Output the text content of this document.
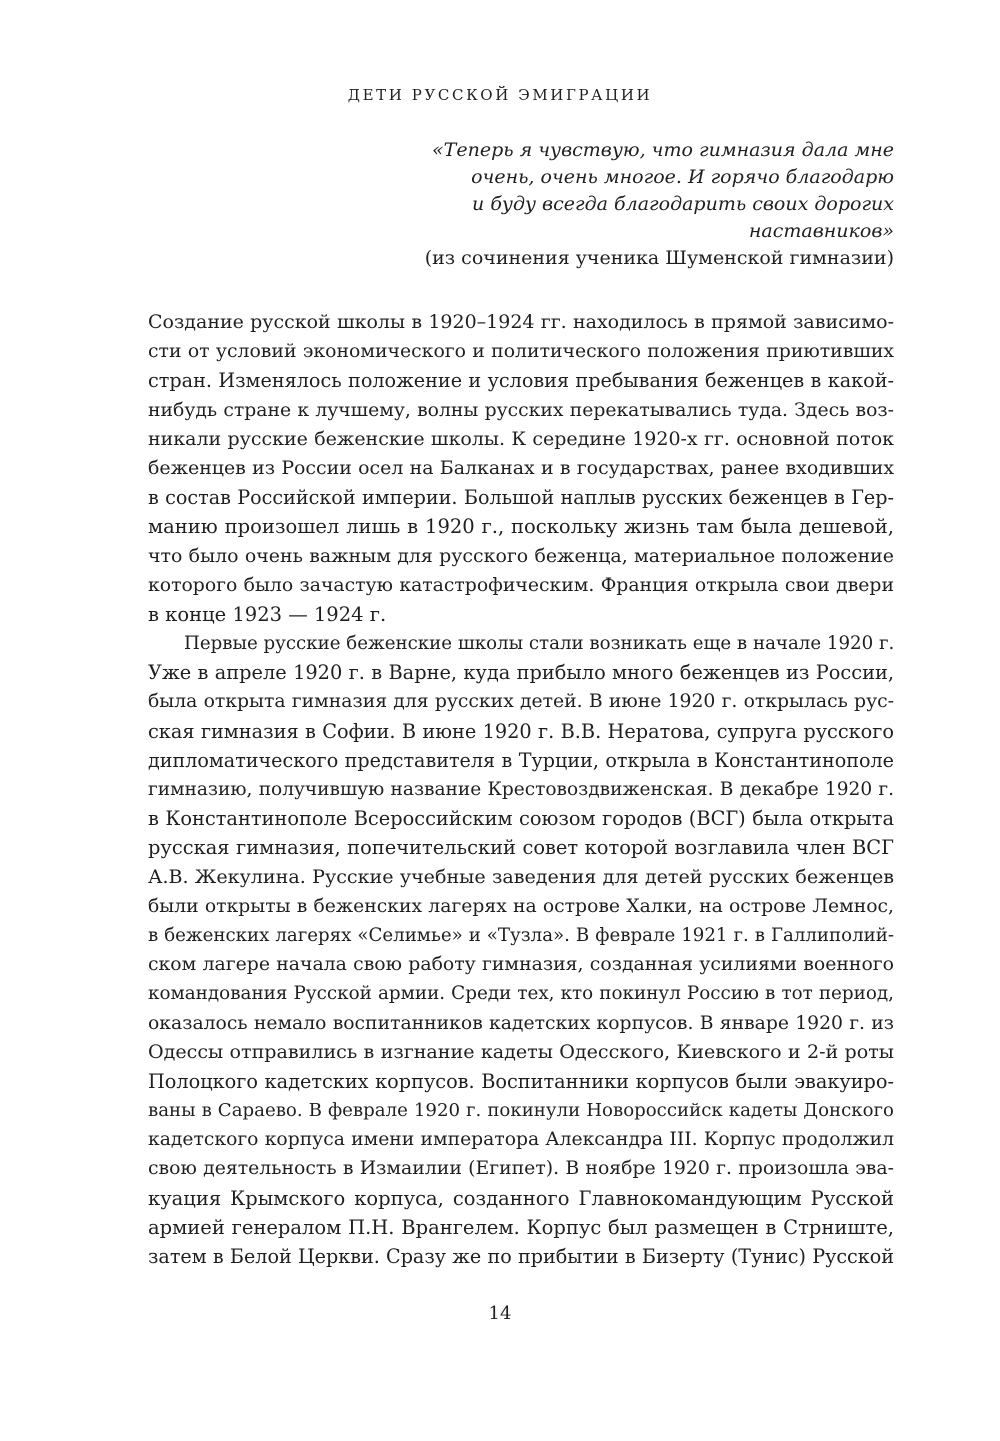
ДЕТИ РУССКОЙ ЭМИГРАЦИИ
«Теперь я чувствую, что гимназия дала мне
очень, очень многое. И горячо благодарю
и буду всегда благодарить своих дорогих
наставников»
(из сочинения ученика Шуменской гимназии)
Создание русской школы в 1920–1924 гг. находилось в прямой зависимо-
сти от условий экономического и политического положения приютивших
стран. Изменялось положение и условия пребывания беженцев в какой-
нибудь стране к лучшему, волны русских перекатывались туда. Здесь воз-
никали русские беженские школы. К середине 1920-х гг. основной поток
беженцев из России осел на Балканах и в государствах, ранее входивших
в состав Российской империи. Большой наплыв русских беженцев в Гер-
манию произошел лишь в 1920 г., поскольку жизнь там была дешевой,
что было очень важным для русского беженца, материальное положение
которого было зачастую катастрофическим. Франция открыла свои двери
в конце 1923 — 1924 г.
Первые русские беженские школы стали возникать еще в начале 1920 г.
Уже в апреле 1920 г. в Варне, куда прибыло много беженцев из России,
была открыта гимназия для русских детей. В июне 1920 г. открылась рус-
ская гимназия в Софии. В июне 1920 г. В.В. Нератова, супруга русского
дипломатического представителя в Турции, открыла в Константинополе
гимназию, получившую название Крестовоздвиженская. В декабре 1920 г.
в Константинополе Всероссийским союзом городов (ВСГ) была открыта
русская гимназия, попечительский совет которой возглавила член ВСГ
А.В. Жекулина. Русские учебные заведения для детей русских беженцев
были открыты в беженских лагерях на острове Халки, на острове Лемнос,
в беженских лагерях «Селимье» и «Тузла». В феврале 1921 г. в Галлиполий-
ском лагере начала свою работу гимназия, созданная усилиями военного
командования Русской армии. Среди тех, кто покинул Россию в тот период,
оказалось немало воспитанников кадетских корпусов. В январе 1920 г. из
Одессы отправились в изгнание кадеты Одесского, Киевского и 2-й роты
Полоцкого кадетских корпусов. Воспитанники корпусов были эвакуиро-
ваны в Сараево. В феврале 1920 г. покинули Новороссийск кадеты Донского
кадетского корпуса имени императора Александра III. Корпус продолжил
свою деятельность в Измаилии (Египет). В ноябре 1920 г. произошла эва-
куация Крымского корпуса, созданного Главнокомандующим Русской
армией генералом П.Н. Врангелем. Корпус был размещен в Стрниште,
затем в Белой Церкви. Сразу же по прибытии в Бизерту (Тунис) Русской
14
